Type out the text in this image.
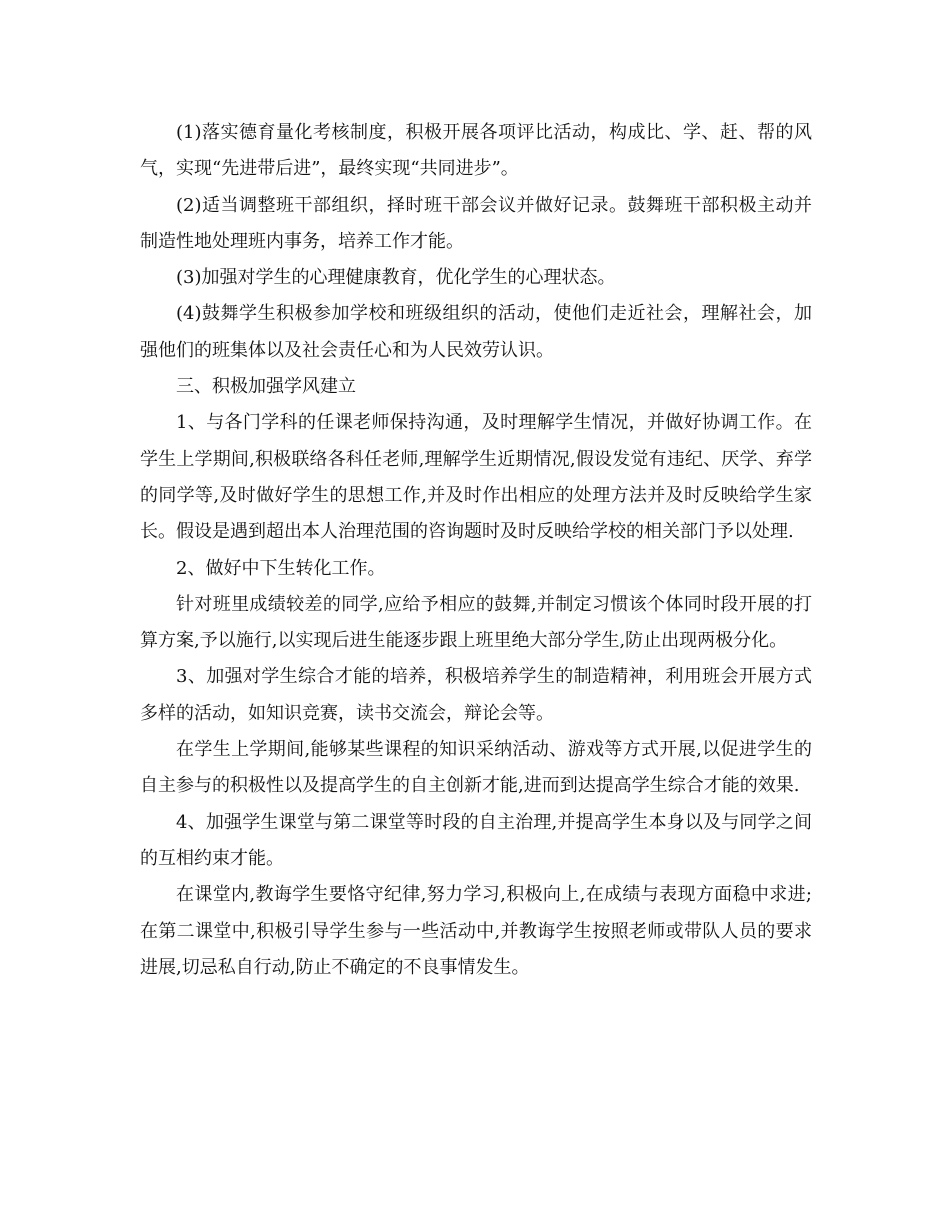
(1)落实德育量化考核制度，积极开展各项评比活动，构成比、学、赶、帮的风气，实现“先进带后进”，最终实现“共同进步”。

(2)适当调整班干部组织，择时班干部会议并做好记录。鼓舞班干部积极主动并制造性地处理班内事务，培养工作才能。

(3)加强对学生的心理健康教育，优化学生的心理状态。

(4)鼓舞学生积极参加学校和班级组织的活动，使他们走近社会，理解社会，加强他们的班集体以及社会责任心和为人民效劳认识。

三、积极加强学风建立

1、与各门学科的任课老师保持沟通，及时理解学生情况，并做好协调工作。在学生上学期间,积极联络各科任老师,理解学生近期情况,假设发觉有违纪、厌学、弃学的同学等,及时做好学生的思想工作,并及时作出相应的处理方法并及时反映给学生家长。假设是遇到超出本人治理范围的咨询题时及时反映给学校的相关部门予以处理.

2、做好中下生转化工作。

针对班里成绩较差的同学,应给予相应的鼓舞,并制定习惯该个体同时段开展的打算方案,予以施行,以实现后进生能逐步跟上班里绝大部分学生,防止出现两极分化。

3、加强对学生综合才能的培养，积极培养学生的制造精神，利用班会开展方式多样的活动，如知识竞赛，读书交流会，辩论会等。

在学生上学期间,能够某些课程的知识采纳活动、游戏等方式开展,以促进学生的自主参与的积极性以及提高学生的自主创新才能,进而到达提高学生综合才能的效果.

4、加强学生课堂与第二课堂等时段的自主治理,并提高学生本身以及与同学之间的互相约束才能。

在课堂内,教诲学生要恪守纪律,努力学习,积极向上,在成绩与表现方面稳中求进;在第二课堂中,积极引导学生参与一些活动中,并教诲学生按照老师或带队人员的要求进展,切忌私自行动,防止不确定的不良事情发生。
